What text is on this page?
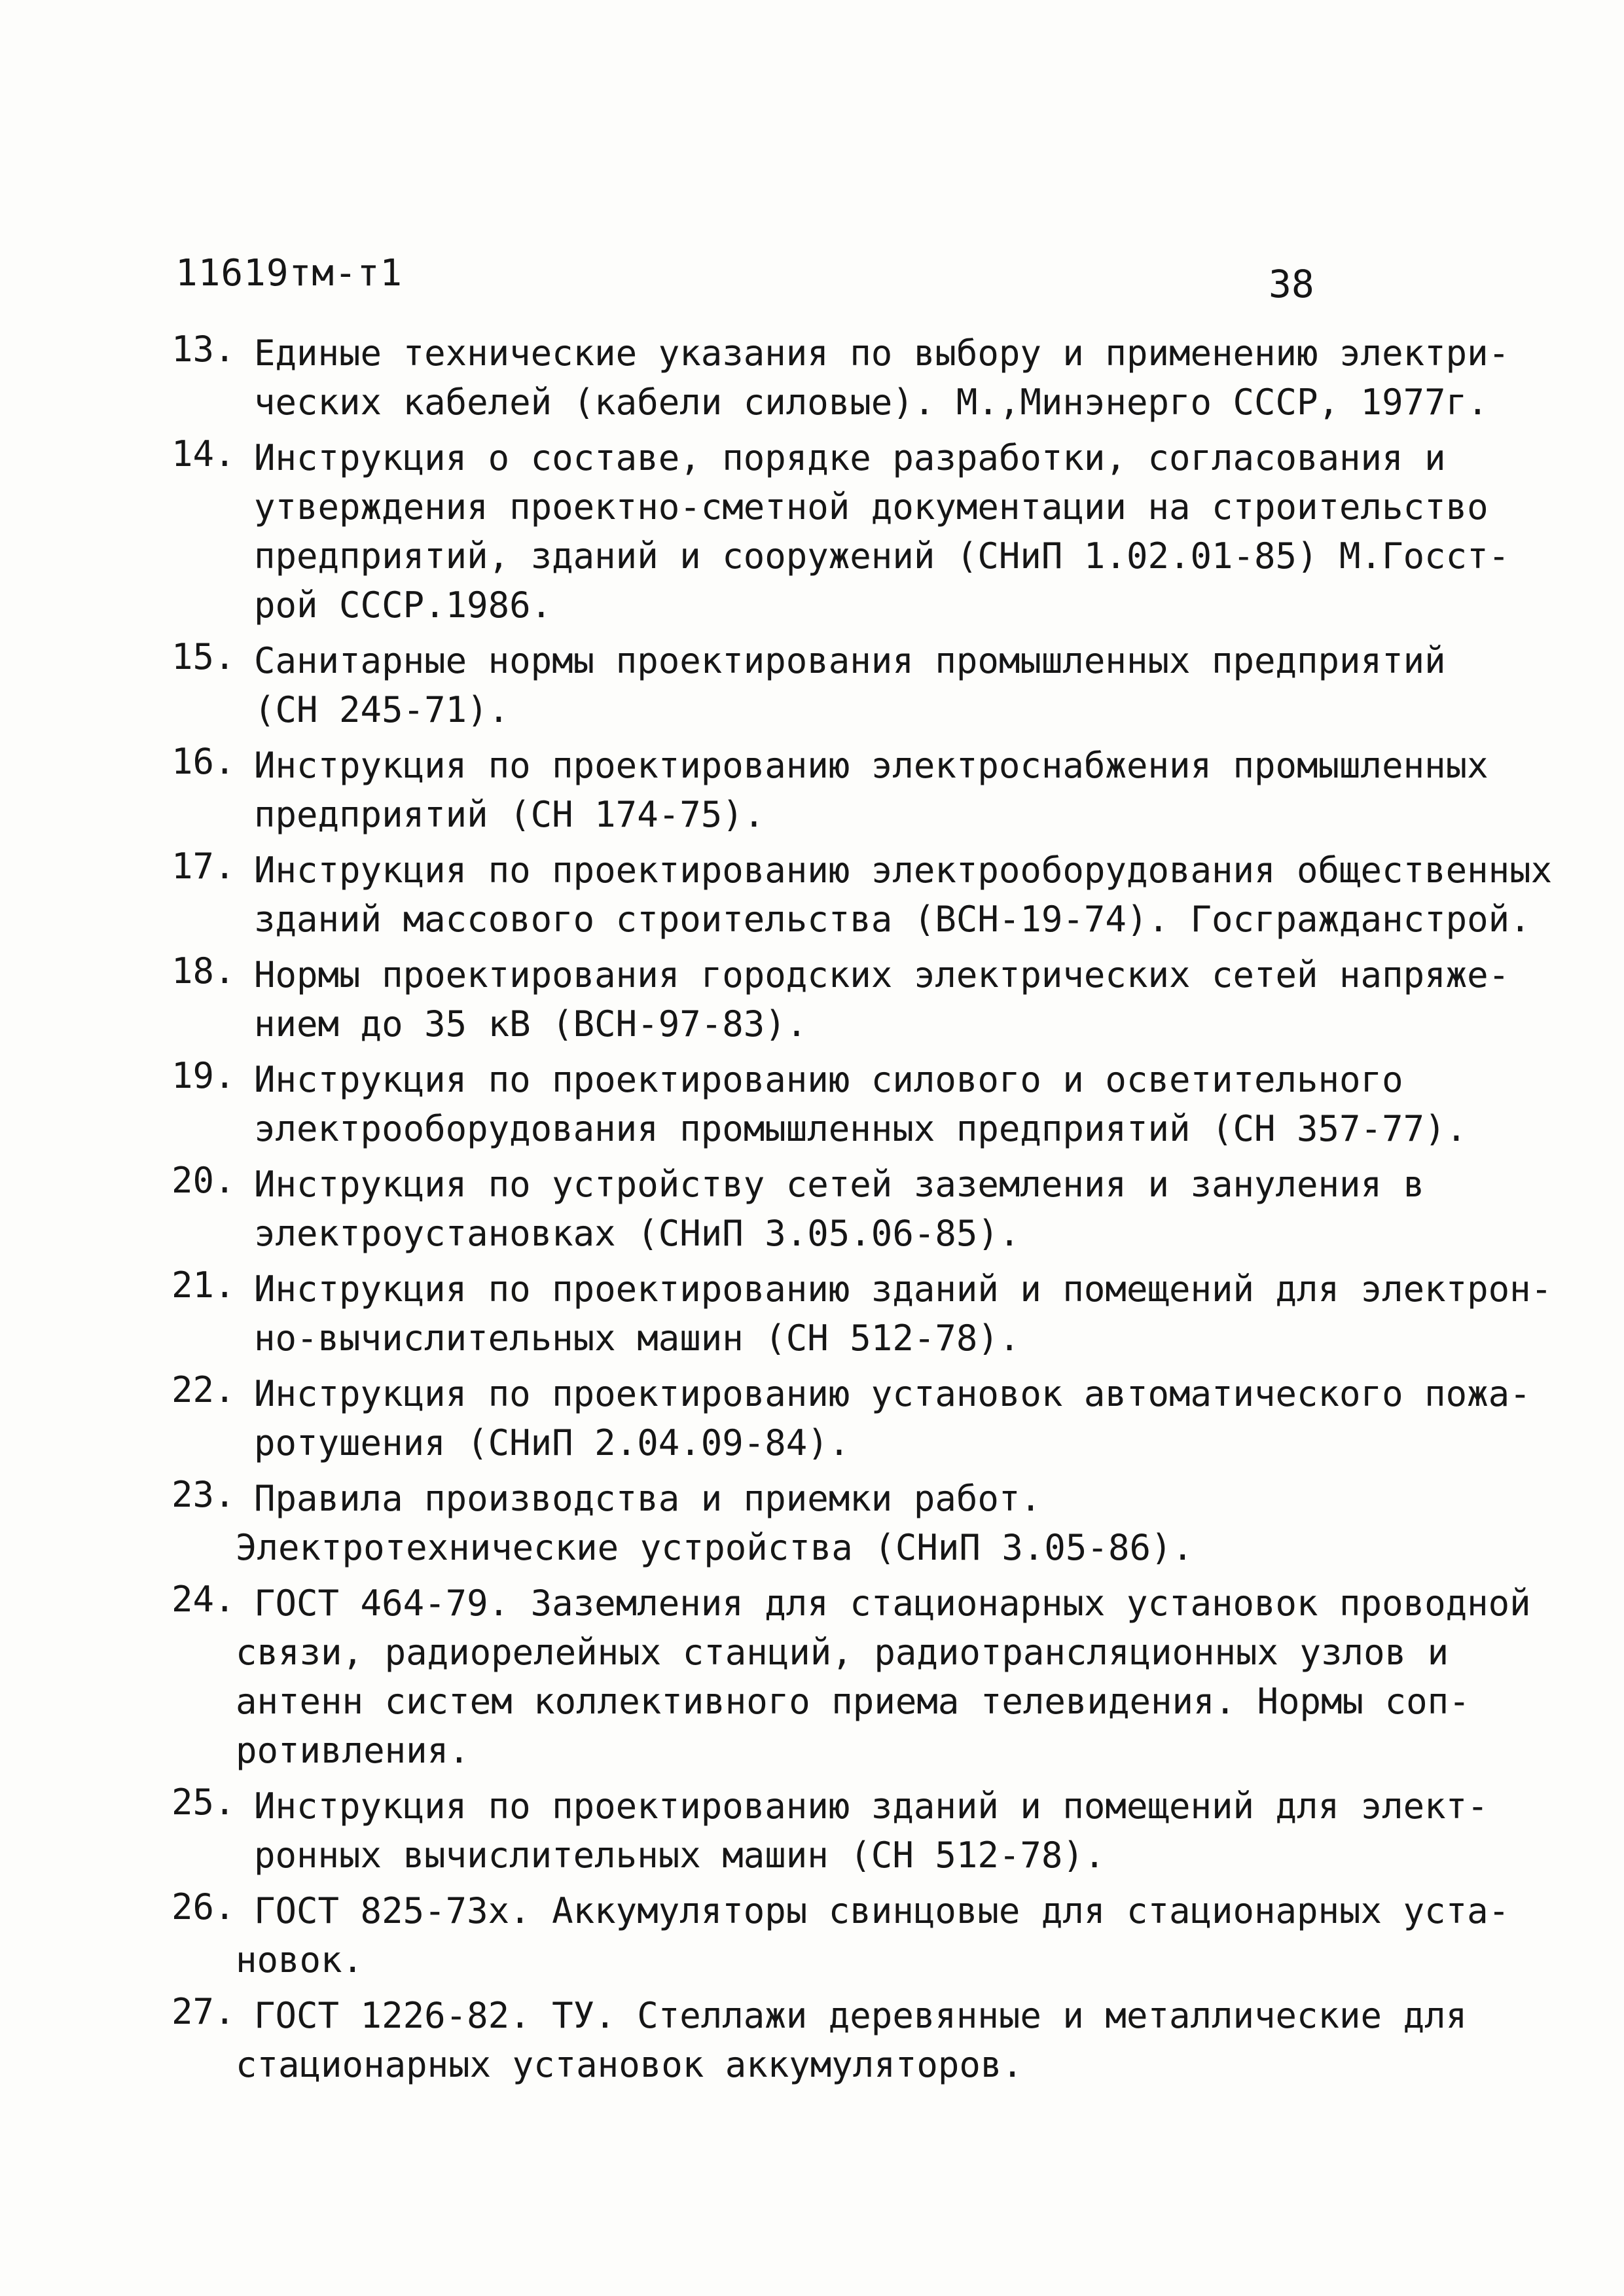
11619тм-т1	38
13. Единые технические указания по выбору и применению электри-
ческих кабелей (кабели силовые). М.,Минэнерго СССР, 1977г.
14. Инструкция о составе, порядке разработки, согласования и
утверждения проектно-сметной документации на строительство
предприятий, зданий и сооружений (СНиП 1.02.01-85) М.Госст-
рой СССР.1986.
15. Санитарные нормы проектирования промышленных предприятий
(СН 245-71).
16. Инструкция по проектированию электроснабжения промышленных
предприятий (СН 174-75).
17. Инструкция по проектированию электрооборудования общественных
зданий массового строительства (ВСН-19-74). Госгражданстрой.
18. Нормы проектирования городских электрических сетей напряже-
нием до 35 кВ (ВСН-97-83).
19. Инструкция по проектированию силового и осветительного
электрооборудования промышленных предприятий (СН 357-77).
20. Инструкция по устройству сетей заземления и зануления в
электроустановках (СНиП 3.05.06-85).
21. Инструкция по проектированию зданий и помещений для электрон-
но-вычислительных машин (СН 512-78).
22. Инструкция по проектированию установок автоматического пожа-
ротушения (СНиП 2.04.09-84).
23. Правила производства и приемки работ.
Электротехнические устройства (СНиП 3.05-86).
24. ГОСТ 464-79. Заземления для стационарных установок проводной
связи, радиорелейных станций, радиотрансляционных узлов и
антенн систем коллективного приема телевидения. Нормы соп-
ротивления.
25. Инструкция по проектированию зданий и помещений для элект-
ронных вычислительных машин (СН 512-78).
26. ГОСТ 825-73х. Аккумуляторы свинцовые для стационарных уста-
новок.
27. ГОСТ 1226-82. ТУ. Стеллажи деревянные и металлические для
стационарных установок аккумуляторов.
